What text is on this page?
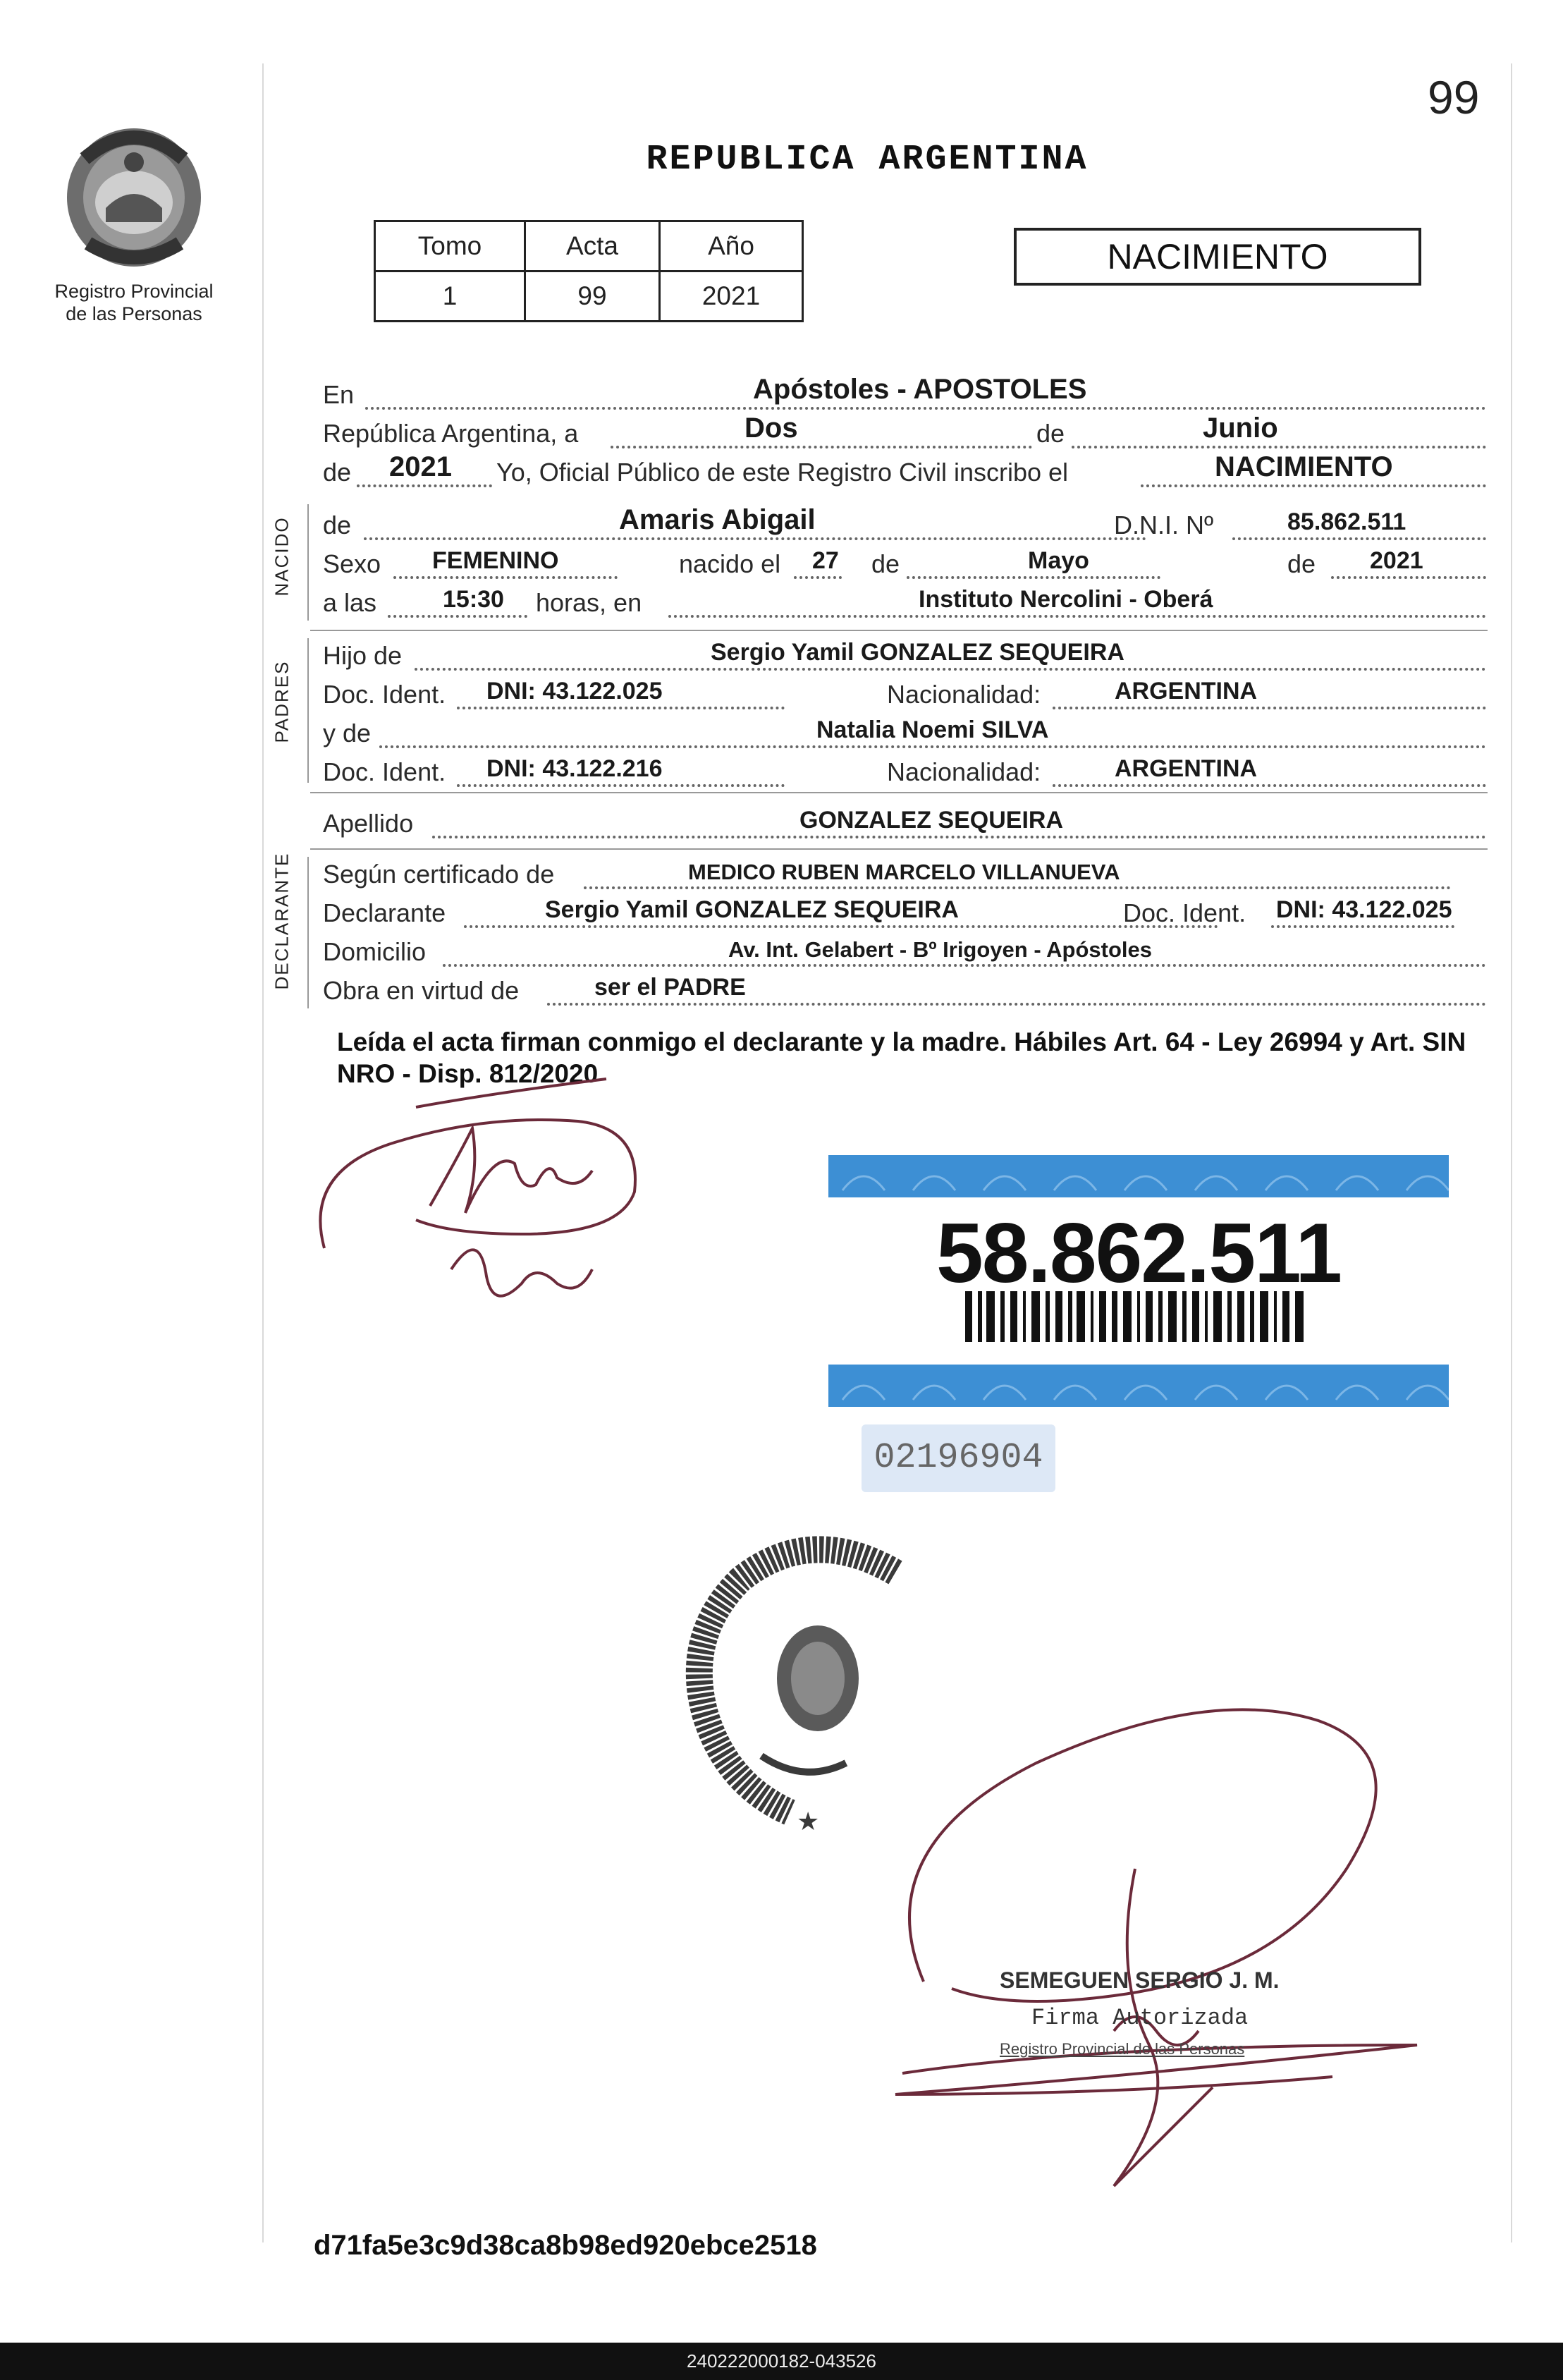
99
Registro Provincial
de las Personas
REPUBLICA ARGENTINA
Tomo	Acta	Año
1	99	2021
NACIMIENTO
En	Apóstoles - APOSTOLES
República Argentina, a	Dos	de	Junio
de 2021 Yo, Oficial Público de este Registro Civil inscribo el	NACIMIENTO
NACIDO de	Amaris Abigail	D.N.I. Nº	85.862.511
Sexo FEMENINO	nacido el 27 de	Mayo	de 2021
a las	15:30 horas, en	Instituto Nercolini - Oberá
PADRES
Hijo de	Sergio Yamil GONZALEZ SEQUEIRA
Doc. Ident. DNI: 43.122.025	Nacionalidad:	ARGENTINA
y de	Natalia Noemi SILVA
Doc. Ident. DNI: 43.122.216	Nacionalidad:	ARGENTINA
Apellido	GONZALEZ SEQUEIRA
DECLARANTE Según certificado de	MEDICO RUBEN MARCELO VILLANUEVA
Declarante	Sergio Yamil GONZALEZ SEQUEIRA	Doc. Ident. DNI: 43.122.025
Domicilio	Av. Int. Gelabert - Bº Irigoyen - Apóstoles
Obra en virtud de	ser el PADRE
Leída el acta firman conmigo el declarante y la madre. Hábiles Art. 64 - Ley 26994 y Art. SIN NRO - Disp. 812/2020
58.862.511
02196904
★
SEMEGUEN SERGIO J. M.
Firma Autorizada
Registro Provincial de las Personas
d71fa5e3c9d38ca8b98ed920ebce2518
240222000182-043526
